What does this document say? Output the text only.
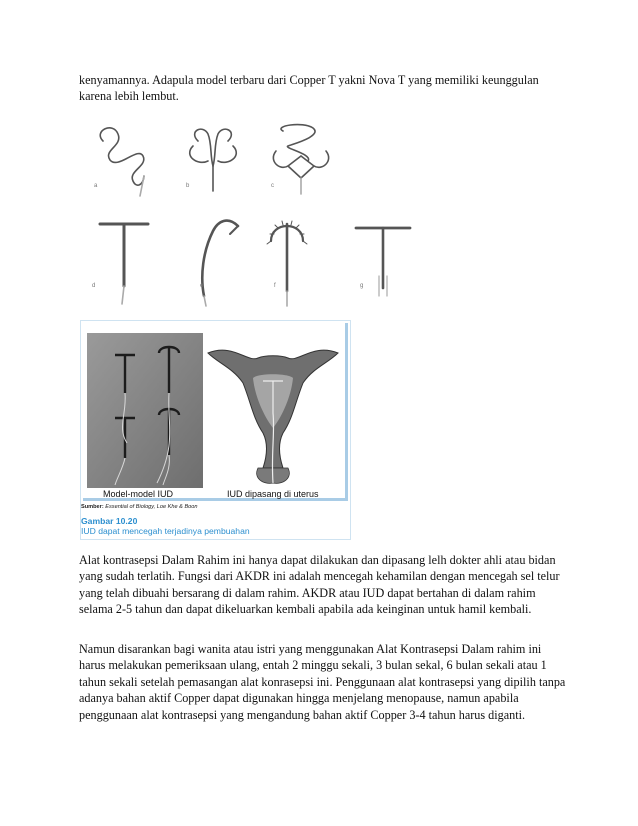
kenyamannya. Adapula model terbaru dari Copper T yakni Nova T yang memiliki keunggulan karena lebih lembut.

a	b	c
d	e	f	g
Model-model IUD	IUD dipasang di uterus
Sumber: Essential of Biology, Loe Khe & Boon
Gambar 10.20
IUD dapat mencegah terjadinya pembuahan

Alat kontrasepsi Dalam Rahim ini hanya dapat dilakukan dan dipasang lelh dokter ahli atau bidan yang sudah terlatih. Fungsi dari AKDR ini adalah mencegah kehamilan dengan mencegah sel telur yang telah dibuahi bersarang di dalam rahim. AKDR atau IUD dapat bertahan di dalam rahim selama 2-5 tahun dan dapat dikeluarkan kembali apabila ada keinginan untuk hamil kembali.

Namun disarankan bagi wanita atau istri yang menggunakan Alat Kontrasepsi Dalam rahim ini harus melakukan pemeriksaan ulang, entah 2 minggu sekali, 3 bulan sekal, 6 bulan sekali atau 1 tahun sekali setelah pemasangan alat konrasepsi ini. Penggunaan alat kontrasepsi yang dipilih tanpa adanya bahan aktif Copper dapat digunakan hingga menjelang menopause, namun apabila penggunaan alat kontrasepsi yang mengandung bahan aktif Copper 3-4 tahun harus diganti.
